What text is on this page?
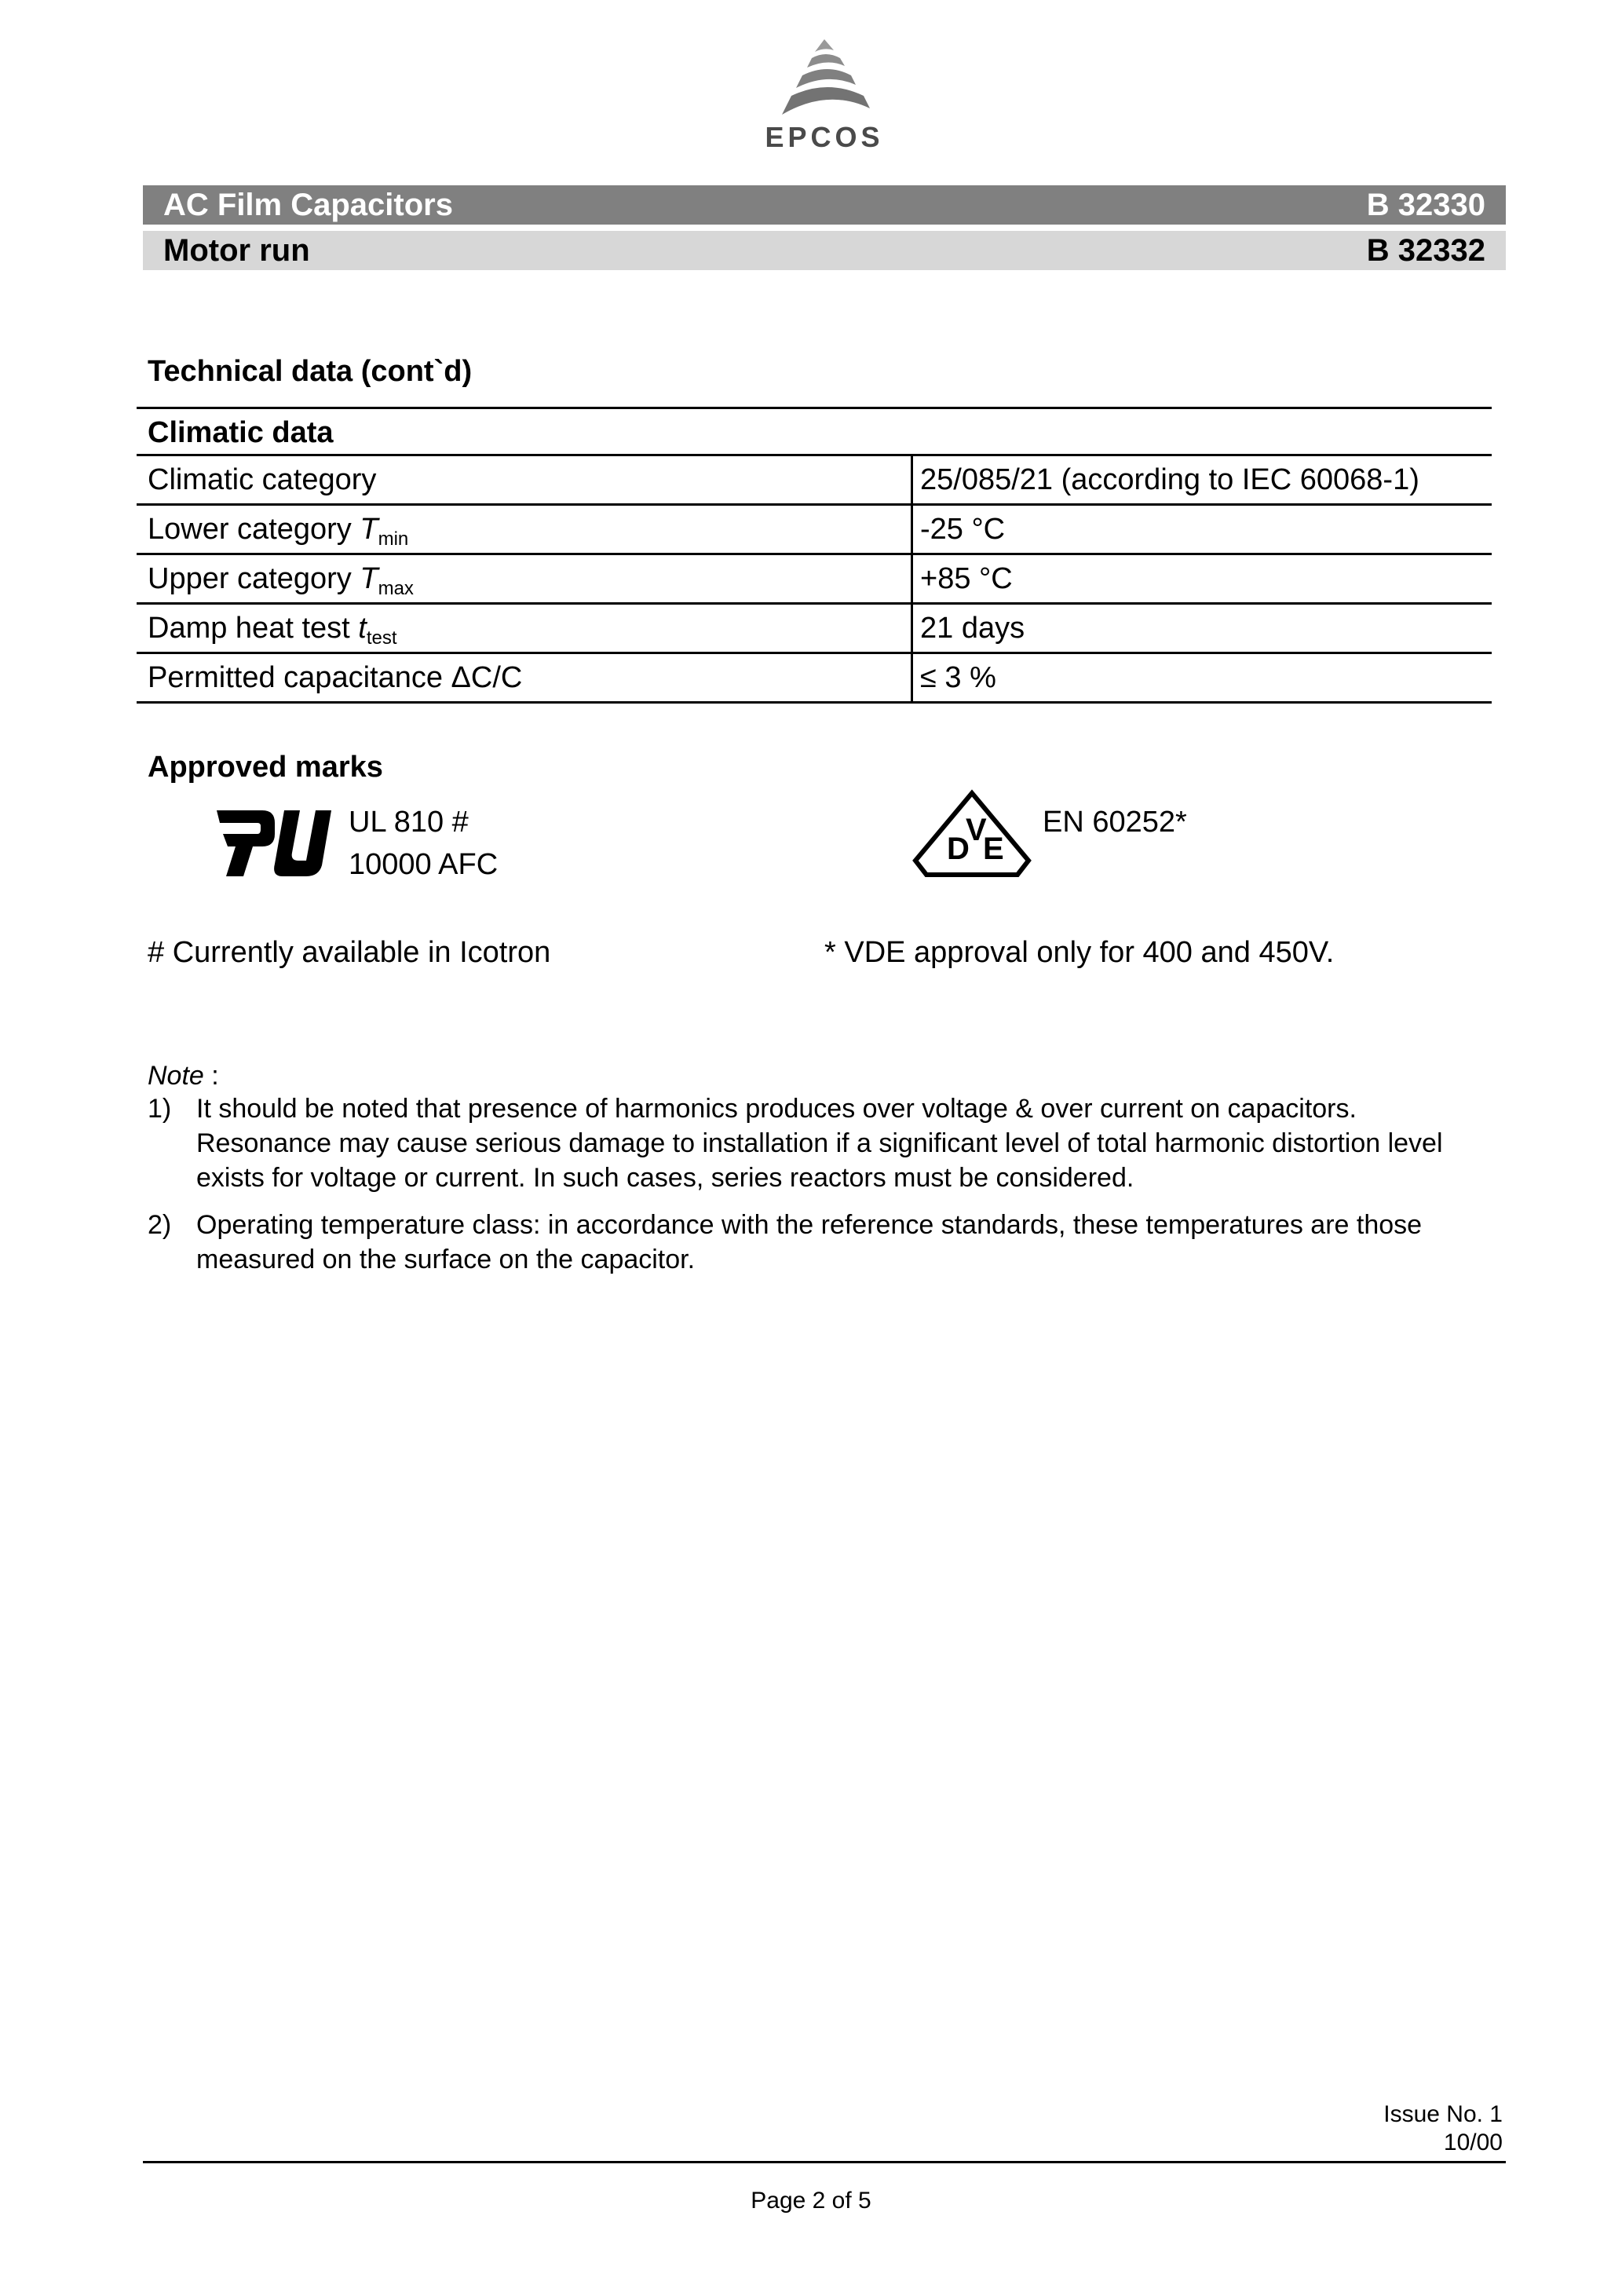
EPCOS
AC Film Capacitors	B 32330
Motor run	B 32332
Technical data (cont`d)
Climatic data
Climatic category	25/085/21 (according to IEC 60068-1)
Lower category $T_{min}$	-25 °C
Upper category $T_{max}$	+85 °C
Damp heat test $t_{test}$	21 days
Permitted capacitance ΔC/C	≤ 3 %
Approved marks
UL 810 #
10000 AFC	D
V
E
EN 60252*
# Currently available in Icotron	* VDE approval only for 400 and 450V.
Note :
1) It should be noted that presence of harmonics produces over voltage & over current on capacitors.
Resonance may cause serious damage to installation if a significant level of total harmonic distortion level
exists for voltage or current. In such cases, series reactors must be considered.
2) Operating temperature class: in accordance with the reference standards, these temperatures are those
measured on the surface on the capacitor.
Issue No. 1
10/00
Page 2 of 5
